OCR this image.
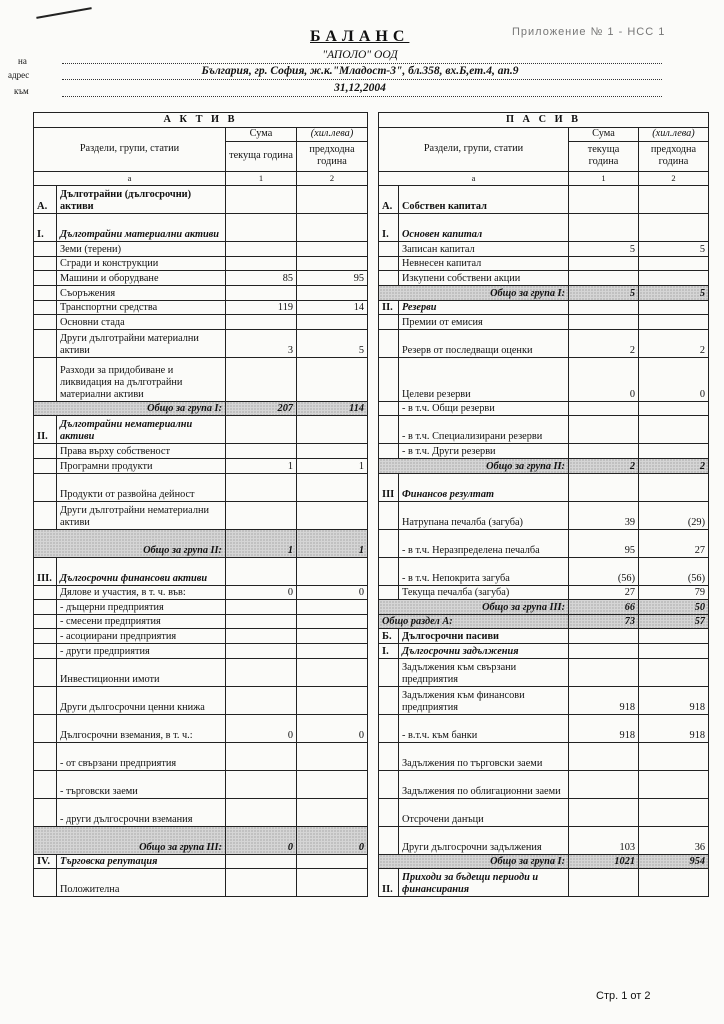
Приложение № 1 - НСС 1
БАЛАНС
на	"АПОЛО" ООД
адрес	България, гр. София, ж.к."Младост-3", бл.358, вх.Б,ет.4, ап.9
към	31,12,2004
А К Т И В			
Раздели, групи, статии		Сума	(хил.лева)
		текуща година	предходна година
а		1	2
А.	Дълготрайни (дългосрочни) активи		
I.	Дълготрайни материални активи		
	Земи (терени)		
	Сгради и конструкции		
	Машини и оборудване	85	95
	Съоръжения		
	Транспортни средства	119	14
	Основни стада		
	Други дълготрайни материални активи	3	5
	Разходи за придобиване и ликвидация на дълготрайни материални активи		
Общо за група I:		207	114
II.	Дълготрайни нематериални активи		
	Права върху собственост		
	Програмни продукти	1	1
	Продукти от развойна дейност		
	Други дълготрайни нематериални активи		
Общо за група II:		1	1
III.	Дългосрочни финансови активи		
	Дялове и участия, в т. ч. във:	0	0
	- дъщерни предприятия		
	- смесени предприятия		
	- асоциирани предприятия		
	- други предприятия		
	Инвестиционни имоти		
	Други дългосрочни ценни книжа		
	Дългосрочни вземания, в т. ч.:	0	0
	- от свързани предприятия		
	- търговски заеми		
	- други дългосрочни вземания		
Общо за група III:		0	0
IV.	Търговска репутация		
	Положителна		
П А С И В			
Раздели, групи, статии		Сума	(хил.лева)
		текуща година	предходна година
а		1	2
А.	Собствен капитал		
I.	Основен капитал		
	Записан капитал	5	5
	Невнесен капитал		
	Изкупени собствени акции		
Общо за група I:		5	5
II.	Резерви		
	Премии от емисия		
	Резерв от последващи оценки	2	2
	Целеви резерви	0	0
	- в т.ч. Общи резерви		
	- в т.ч. Специализирани резерви		
	- в т.ч. Други резерви		
Общо за група II:		2	2
III	Финансов резултат		
	Натрупана печалба (загуба)	39	(29)
	- в т.ч. Неразпределена печалба	95	27
	- в т.ч. Непокрита загуба	(56)	(56)
	Текуща печалба (загуба)	27	79
Общо за група III:		66	50
Общо раздел А:		73	57
Б.	Дългосрочни пасиви		
I.	Дългосрочни задължения		
	Задължения към свързани предприятия		
	Задължения към финансови предприятия	918	918
	- в.т.ч. към банки	918	918
	Задължения по търговски заеми		
	Задължения по облигационни заеми		
	Отсрочени данъци		
	Други дългосрочни задължения	103	36
Общо за група I:		1021	954
II.	Приходи за бъдещи периоди и финансирания		
Стр. 1 от 2
